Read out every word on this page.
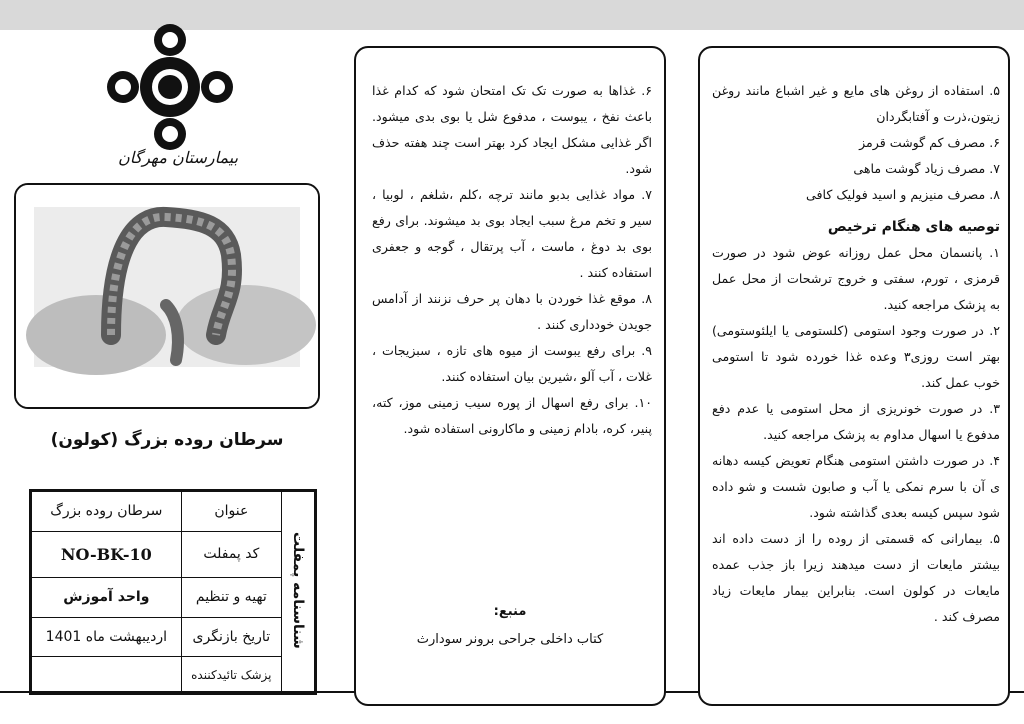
بیمارستان مهرگان
سرطان روده بزرگ (کولون)
شناسنامه پمفلت	عنوان	سرطان روده بزرگ
	کد پمفلت	NO-BK-10
	تهیه و تنظیم	واحد آموزش
	تاریخ بازنگری	اردیبهشت ماه 1401
	پزشک تائیدکننده	

۶. غذاها به صورت تک تک امتحان شود که کدام غذا باعث نفخ ، یبوست ، مدفوع شل یا بوی بدی میشود. اگر غذایی مشکل ایجاد کرد بهتر است چند هفته حذف شود.

۷. مواد غذایی بدبو مانند ترچه ،کلم ،شلغم ، لوبیا ، سیر و تخم مرغ سبب ایجاد بوی بد میشوند. برای رفع بوی بد دوغ ، ماست ، آب پرتقال ، گوجه و جعفری استفاده کنند .

۸. موقع غذا خوردن با دهان پر حرف نزنند از آدامس جویدن خودداری کنند .

۹. برای رفع یبوست از میوه های تازه ، سبزیجات ، غلات ، آب آلو ،شیرین بیان استفاده کنند.

۱۰. برای رفع اسهال از پوره سیب زمینی موز، کته، پنیر، کره، بادام زمینی و ماکارونی استفاده شود.

منبع:
کتاب داخلی جراحی برونر سودارث

۵. استفاده از روغن های مایع و غیر اشباع مانند روغن زیتون،ذرت و آفتابگردان

۶. مصرف کم گوشت قرمز

۷. مصرف زیاد گوشت ماهی

۸. مصرف منیزیم و اسید فولیک کافی

توصیه های هنگام ترخیص

۱. پانسمان محل عمل روزانه عوض شود در صورت قرمزی ، تورم، سفتی و خروج ترشحات از محل عمل به پزشک مراجعه کنید.

۲. در صورت وجود استومی (کلستومی یا ایلئوستومی) بهتر است روزی۳ وعده غذا خورده شود تا استومی خوب عمل کند.

۳. در صورت خونریزی از محل استومی یا عدم دفع مدفوع یا اسهال مداوم به پزشک مراجعه کنید.

۴. در صورت داشتن استومی هنگام تعویض کیسه دهانه ی آن با سرم نمکی یا آب و صابون شست و شو داده شود سپس کیسه بعدی گذاشته شود.

۵. بیمارانی که قسمتی از روده را از دست داده اند بیشتر مایعات از دست میدهند زیرا باز جذب عمده مایعات در کولون است. بنابراین بیمار مایعات زیاد مصرف کند .
